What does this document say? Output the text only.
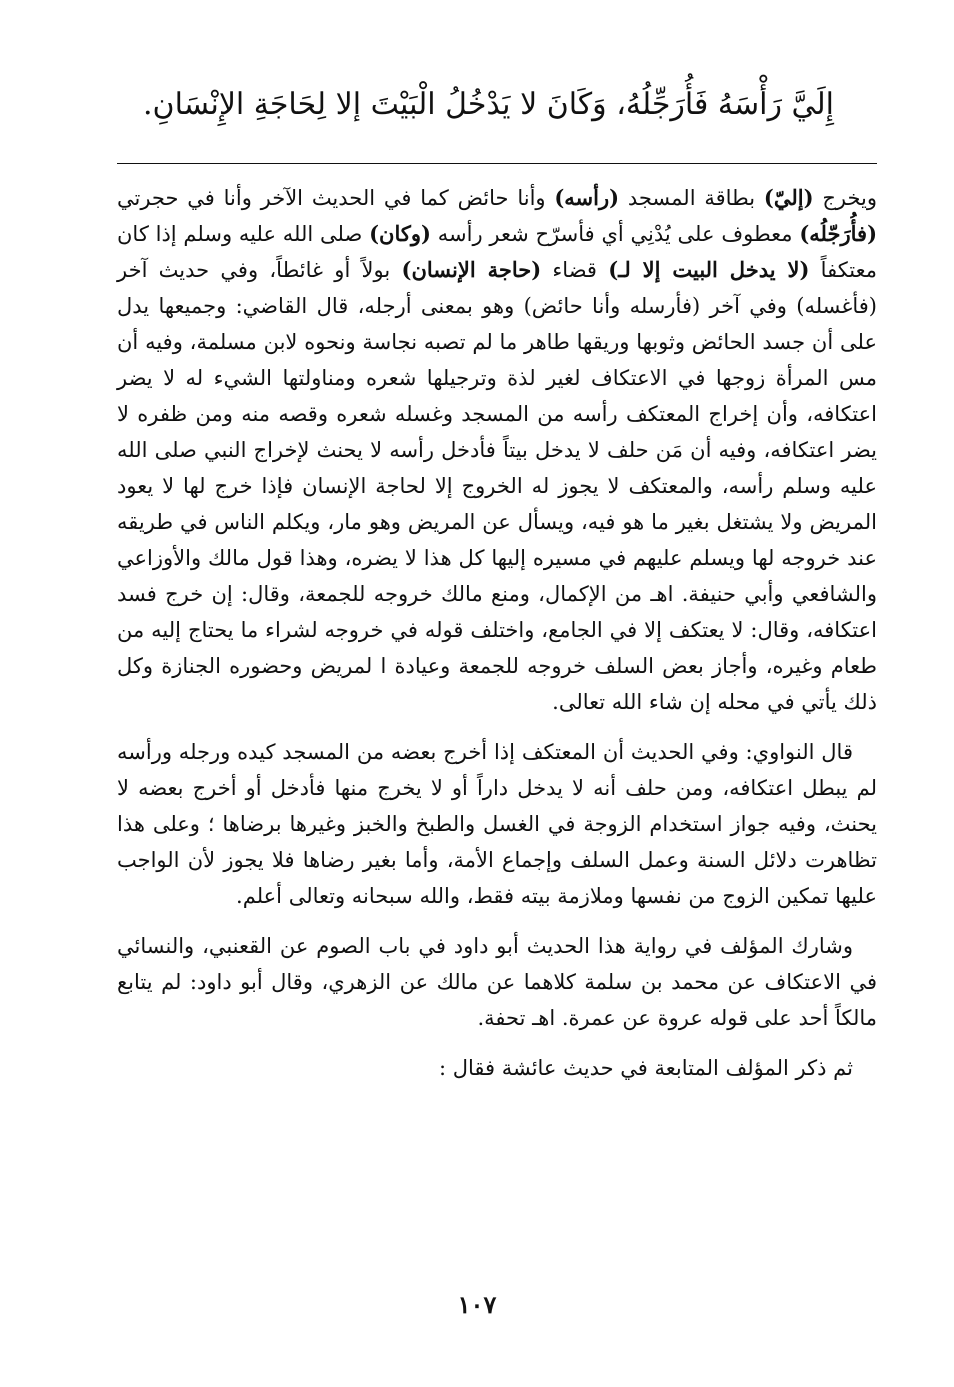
إِلَيَّ رَأْسَهُ فَأُرَجِّلُهُ، وَكَانَ لا يَدْخُلُ الْبَيْتَ إلا لِحَاجَةِ الإِنْسَانِ.

ويخرج (إليّ) بطاقة المسجد (رأسه) وأنا حائض كما في الحديث الآخر وأنا في حجرتي (فأُرَجّلُه) معطوف على يُدْنِي أي فأسرّح شعر رأسه (وكان) صلى الله عليه وسلم إذا كان معتكفاً (لا يدخل البيت إلا لـ) قضاء (حاجة الإنسان) بولاً أو غائطاً، وفي حديث آخر (فأغسله) وفي آخر (فأرسله وأنا حائض) وهو بمعنى أرجله، قال القاضي: وجميعها يدل على أن جسد الحائض وثوبها وريقها طاهر ما لم تصبه نجاسة ونحوه لابن مسلمة، وفيه أن مس المرأة زوجها في الاعتكاف لغير لذة وترجيلها شعره ومناولتها الشيء له لا يضر اعتكافه، وأن إخراج المعتكف رأسه من المسجد وغسله شعره وقصه منه ومن ظفره لا يضر اعتكافه، وفيه أن مَن حلف لا يدخل بيتاً فأدخل رأسه لا يحنث لإخراج النبي صلى الله عليه وسلم رأسه، والمعتكف لا يجوز له الخروج إلا لحاجة الإنسان فإذا خرج لها لا يعود المريض ولا يشتغل بغير ما هو فيه، ويسأل عن المريض وهو مار، ويكلم الناس في طريقه عند خروجه لها ويسلم عليهم في مسيره إليها كل هذا لا يضره، وهذا قول مالك والأوزاعي والشافعي وأبي حنيفة. اهـ من الإكمال، ومنع مالك خروجه للجمعة، وقال: إن خرج فسد اعتكافه، وقال: لا يعتكف إلا في الجامع، واختلف قوله في خروجه لشراء ما يحتاج إليه من طعام وغيره، وأجاز بعض السلف خروجه للجمعة وعيادة ا لمريض وحضوره الجنازة وكل ذلك يأتي في محله إن شاء الله تعالى.

قال النواوي: وفي الحديث أن المعتكف إذا أخرج بعضه من المسجد كيده ورجله ورأسه لم يبطل اعتكافه، ومن حلف أنه لا يدخل داراً أو لا يخرج منها فأدخل أو أخرج بعضه لا يحنث، وفيه جواز استخدام الزوجة في الغسل والطبخ والخبز وغيرها برضاها ؛ وعلى هذا تظاهرت دلائل السنة وعمل السلف وإجماع الأمة، وأما بغير رضاها فلا يجوز لأن الواجب عليها تمكين الزوج من نفسها وملازمة بيته فقط، والله سبحانه وتعالى أعلم.

وشارك المؤلف في رواية هذا الحديث أبو داود في باب الصوم عن القعنبي، والنسائي في الاعتكاف عن محمد بن سلمة كلاهما عن مالك عن الزهري، وقال أبو داود: لم يتابع مالكاً أحد على قوله عروة عن عمرة. اهـ تحفة.

ثم ذكر المؤلف المتابعة في حديث عائشة فقال :

١٠٧
